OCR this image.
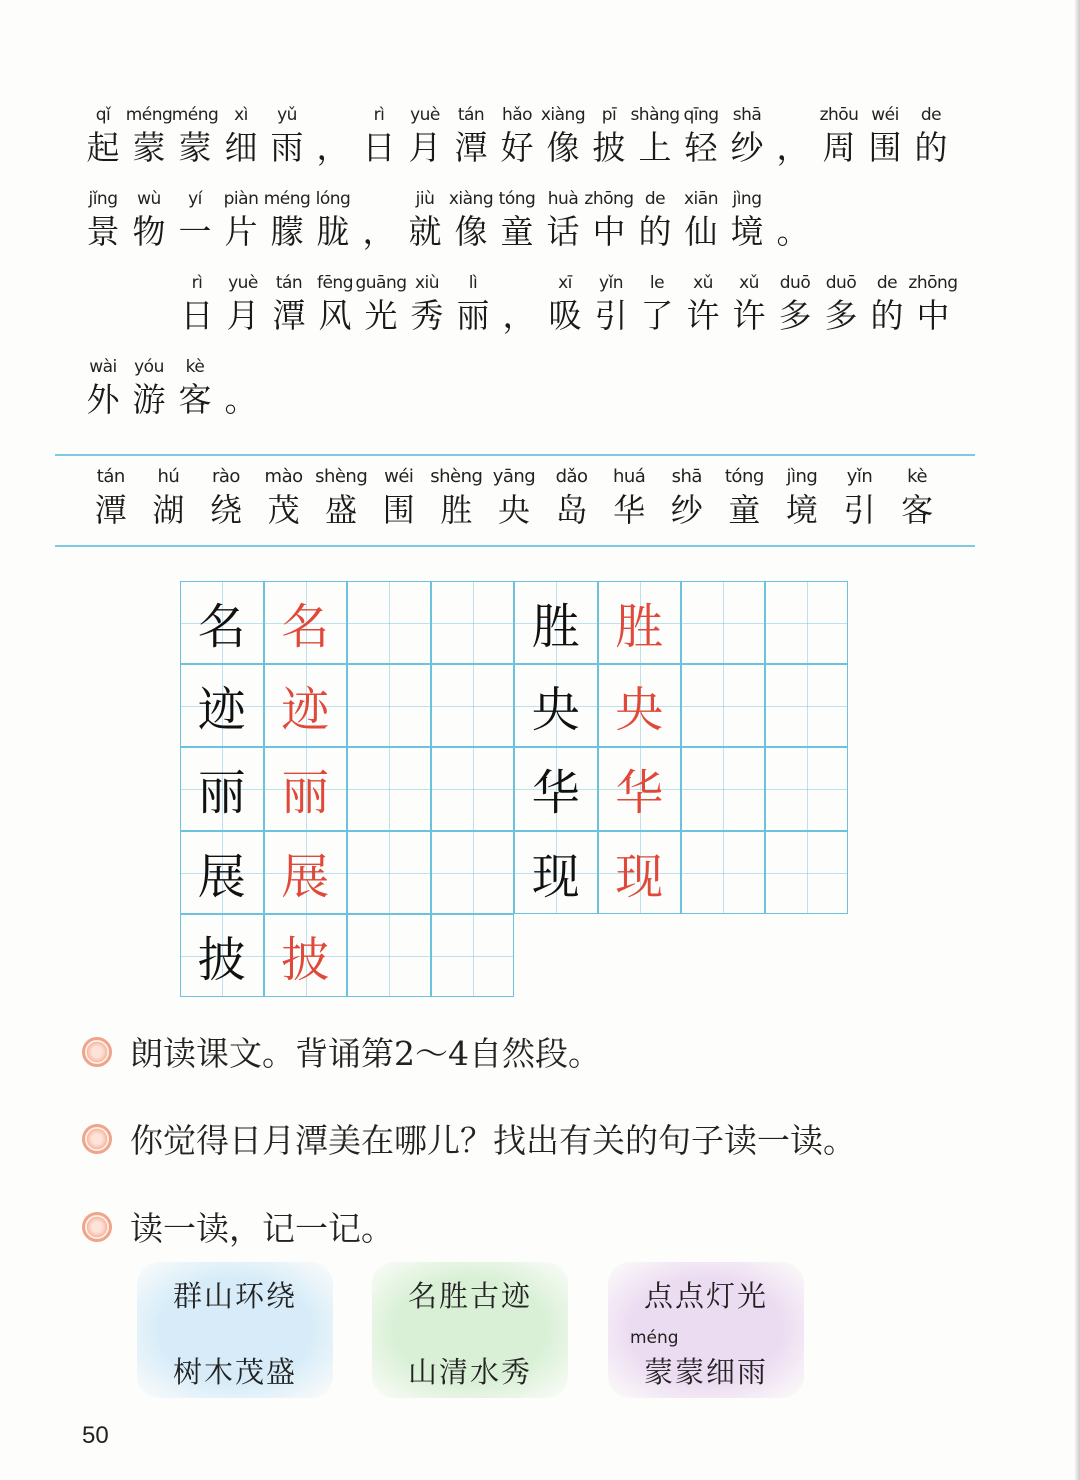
qǐ
起
méng
蒙
méng
蒙
xì
细
yǔ
雨 ，
rì
日
yuè
月
tán
潭
hǎo
好
xiàng
像
pī
披
shàng
上
qīng
轻
shā
纱 ，
zhōu
周
wéi
围
de
的
jǐng
景
wù
物
yí
一
piàn
片
méng
朦
lóng
胧 ，
jiù
就
xiàng
像
tóng
童
huà
话
zhōng
中
de
的
xiān
仙
jìng
境 。
rì
日
yuè
月
tán
潭
fēng
风
guāng
光
xiù
秀
lì
丽 ，
xī
吸
yǐn
引
le
了
xǔ
许
xǔ
许
duō
多
duō
多
de
的
zhōng
中
wài
外
yóu
游
kè
客 。
tán
潭
hú
湖
rào
绕
mào
茂
shèng
盛
wéi
围
shèng
胜
yāng
央
dǎo
岛
huá
华
shā
纱
tóng
童
jìng
境
yǐn
引
kè
客
名 名
迹 迹
丽 丽
展 展
披 披
胜 胜
央 央
华 华
现 现
朗读课文。背诵第2～4自然段。
你觉得日月潭美在哪儿？找出有关的句子读一读。
读一读，记一记。
群山环绕
树木茂盛
名胜古迹
山清水秀
点点灯光
méng
蒙蒙细雨
50
